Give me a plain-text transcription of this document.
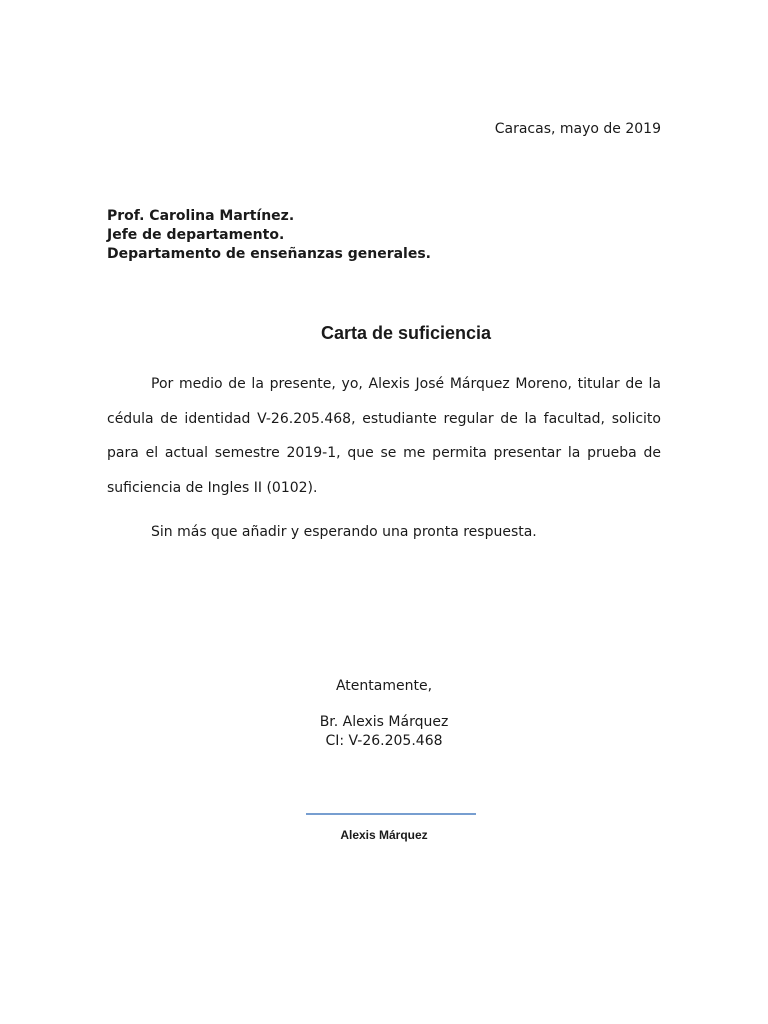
Caracas, mayo de 2019
Prof. Carolina Martínez.
Jefe de departamento.
Departamento de enseñanzas generales.
Carta de suficiencia

Por medio de la presente, yo, Alexis José Márquez Moreno, titular de la cédula de identidad V-26.205.468, estudiante regular de la facultad, solicito para el actual semestre 2019-1, que se me permita presentar la prueba de suficiencia de Ingles II (0102).

Sin más que añadir y esperando una pronta respuesta.

Atentamente,
Br. Alexis Márquez
CI: V-26.205.468
Alexis Márquez
